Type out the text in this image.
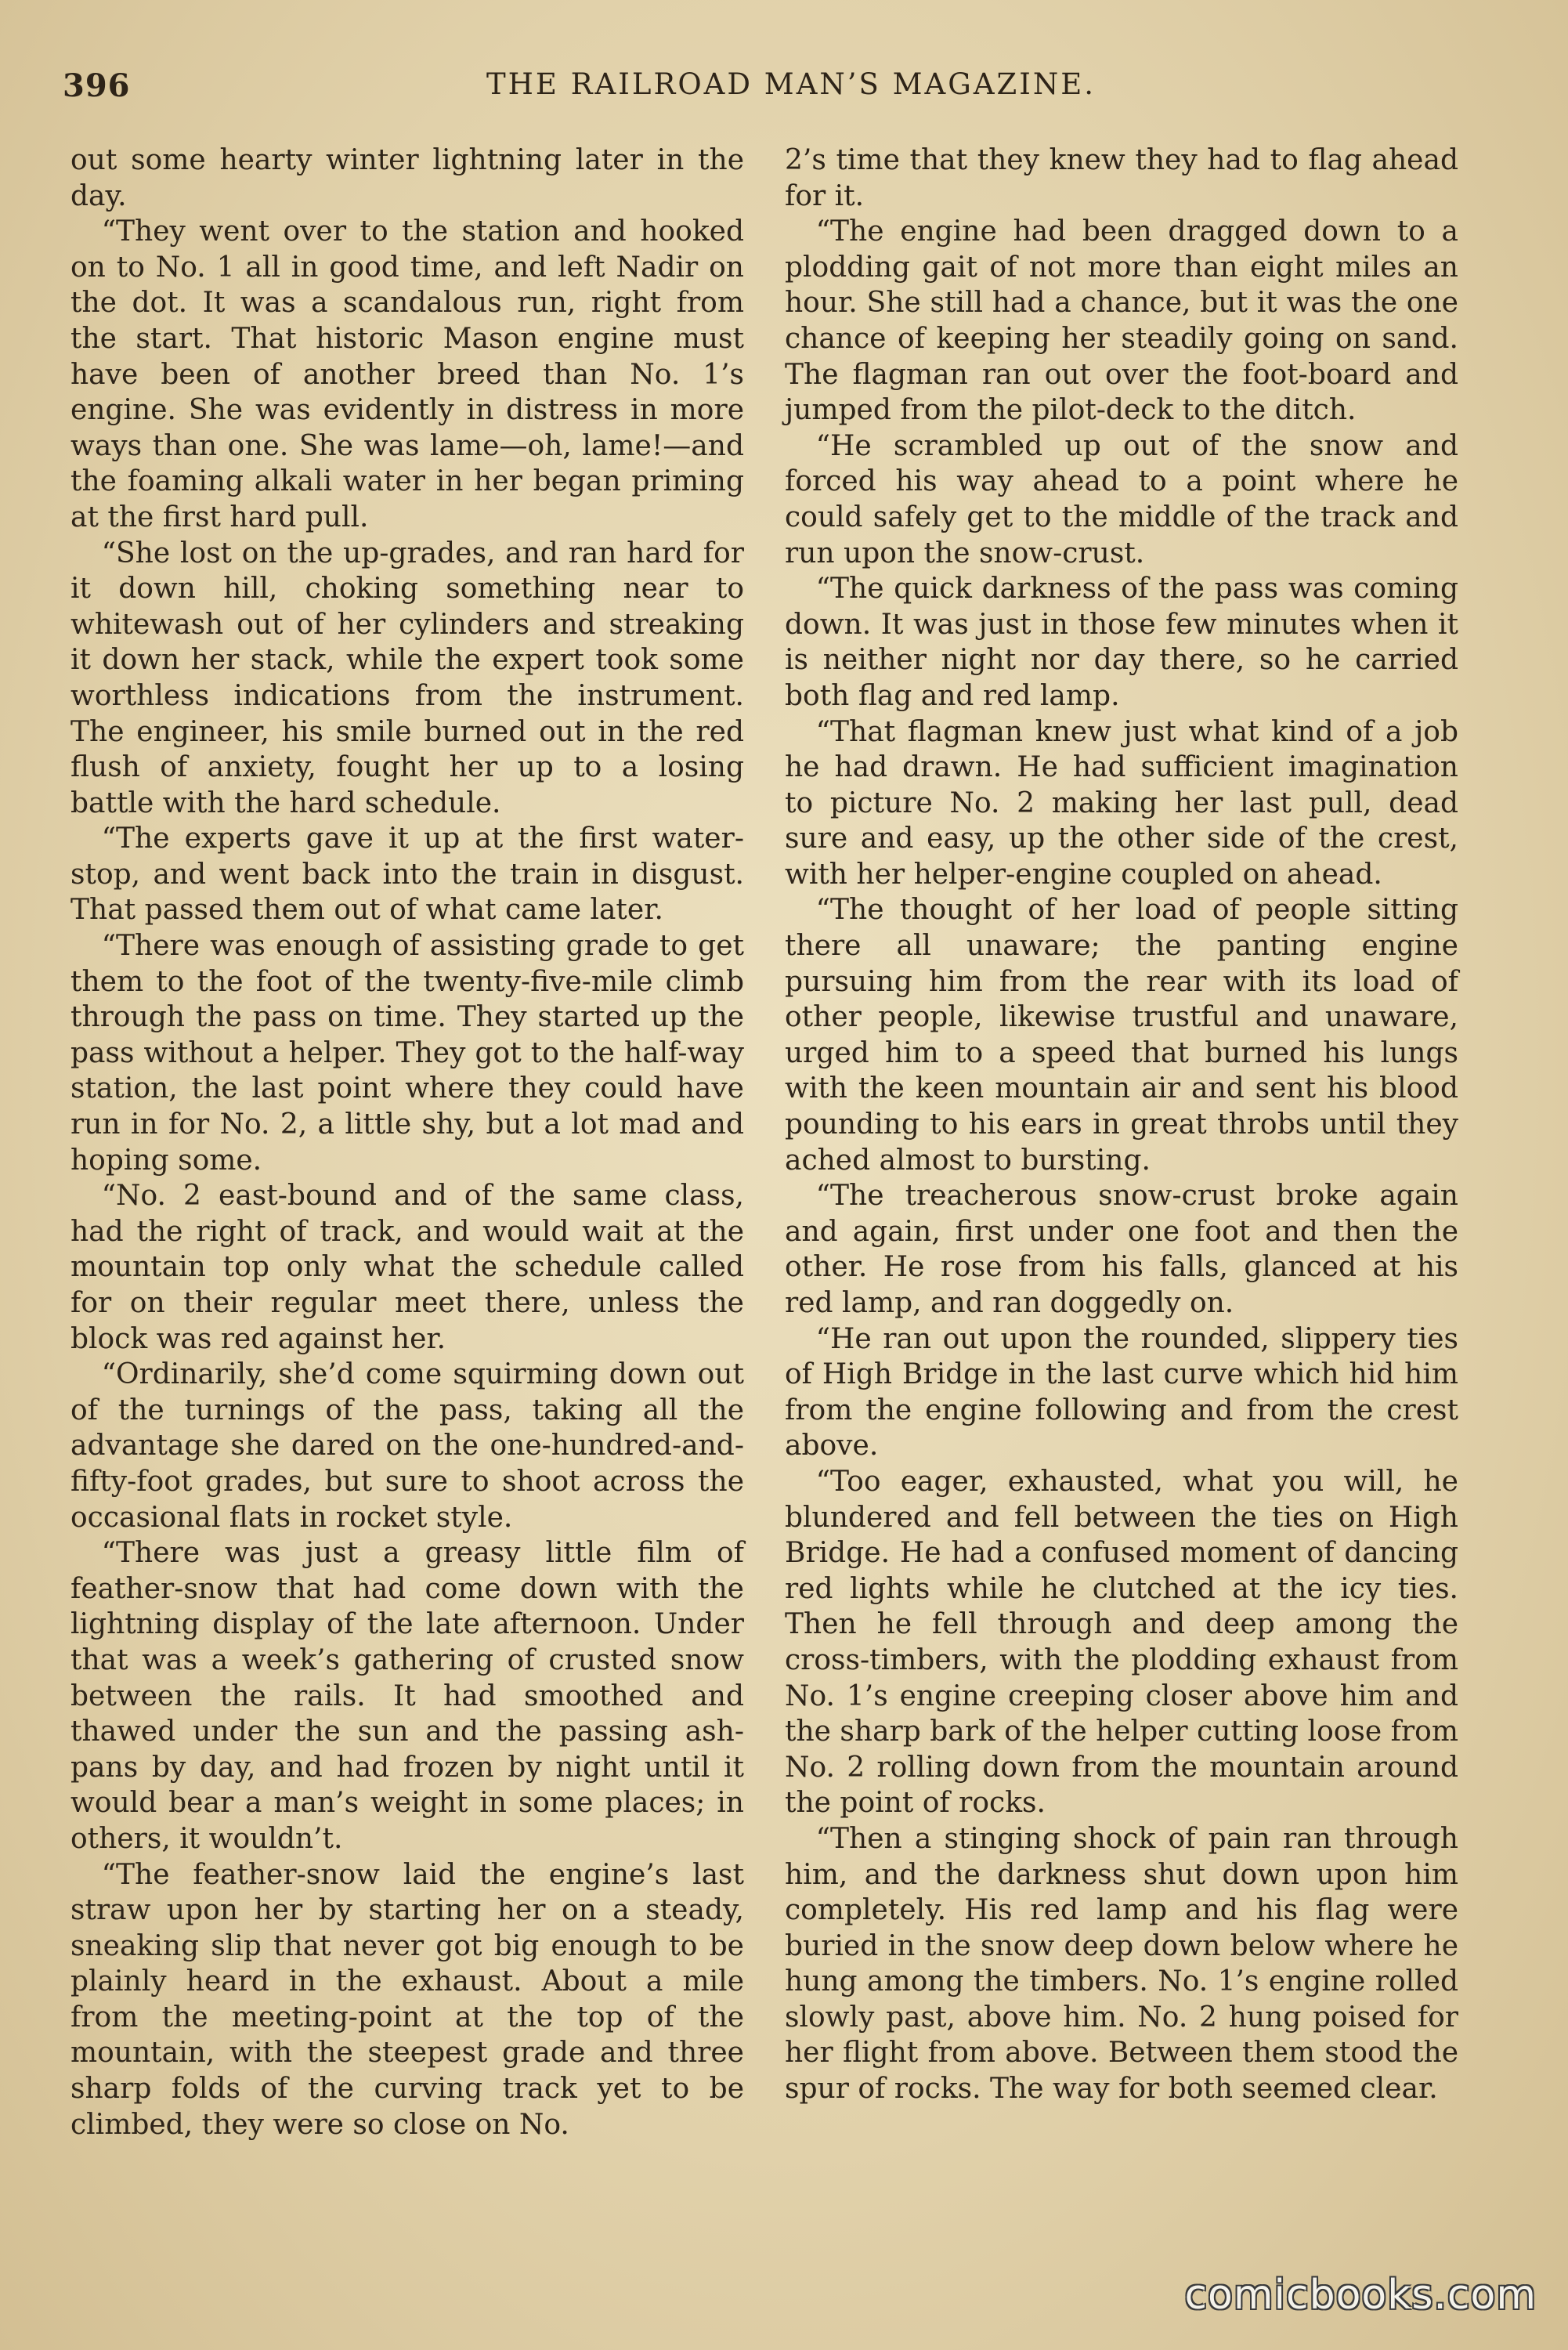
396	THE RAILROAD MAN’S MAGAZINE.

out some hearty winter lightning later in the day.

“They went over to the station and hooked on to No. 1 all in good time, and left Nadir on the dot. It was a scandalous run, right from the start. That historic Mason engine must have been of another breed than No. 1’s engine. She was evidently in distress in more ways than one. She was lame—oh, lame!—and the foaming alkali water in her began priming at the first hard pull.

“She lost on the up-grades, and ran hard for it down hill, choking something near to whitewash out of her cylinders and streaking it down her stack, while the expert took some worthless indications from the instrument. The engineer, his smile burned out in the red flush of anxiety, fought her up to a losing battle with the hard schedule.

“The experts gave it up at the first water-stop, and went back into the train in disgust. That passed them out of what came later.

“There was enough of assisting grade to get them to the foot of the twenty-five-mile climb through the pass on time. They started up the pass without a helper. They got to the half-way station, the last point where they could have run in for No. 2, a little shy, but a lot mad and hoping some.

“No. 2 east-bound and of the same class, had the right of track, and would wait at the mountain top only what the schedule called for on their regular meet there, unless the block was red against her.

“Ordinarily, she’d come squirming down out of the turnings of the pass, taking all the advantage she dared on the one-hundred-and-fifty-foot grades, but sure to shoot across the occasional flats in rocket style.

“There was just a greasy little film of feather-snow that had come down with the lightning display of the late afternoon. Under that was a week’s gathering of crusted snow between the rails. It had smoothed and thawed under the sun and the passing ash-pans by day, and had frozen by night until it would bear a man’s weight in some places; in others, it wouldn’t.

“The feather-snow laid the engine’s last straw upon her by starting her on a steady, sneaking slip that never got big enough to be plainly heard in the exhaust. About a mile from the meeting-point at the top of the mountain, with the steepest grade and three sharp folds of the curving track yet to be climbed, they were so close on No.

2’s time that they knew they had to flag ahead for it.

“The engine had been dragged down to a plodding gait of not more than eight miles an hour. She still had a chance, but it was the one chance of keeping her steadily going on sand. The flagman ran out over the foot-board and jumped from the pilot-deck to the ditch.

“He scrambled up out of the snow and forced his way ahead to a point where he could safely get to the middle of the track and run upon the snow-crust.

“The quick darkness of the pass was coming down. It was just in those few minutes when it is neither night nor day there, so he carried both flag and red lamp.

“That flagman knew just what kind of a job he had drawn. He had sufficient imagination to picture No. 2 making her last pull, dead sure and easy, up the other side of the crest, with her helper-engine coupled on ahead.

“The thought of her load of people sitting there all unaware; the panting engine pursuing him from the rear with its load of other people, likewise trustful and unaware, urged him to a speed that burned his lungs with the keen mountain air and sent his blood pounding to his ears in great throbs until they ached almost to bursting.

“The treacherous snow-crust broke again and again, first under one foot and then the other. He rose from his falls, glanced at his red lamp, and ran doggedly on.

“He ran out upon the rounded, slippery ties of High Bridge in the last curve which hid him from the engine following and from the crest above.

“Too eager, exhausted, what you will, he blundered and fell between the ties on High Bridge. He had a confused moment of dancing red lights while he clutched at the icy ties. Then he fell through and deep among the cross-timbers, with the plodding exhaust from No. 1’s engine creeping closer above him and the sharp bark of the helper cutting loose from No. 2 rolling down from the mountain around the point of rocks.

“Then a stinging shock of pain ran through him, and the darkness shut down upon him completely. His red lamp and his flag were buried in the snow deep down below where he hung among the timbers. No. 1’s engine rolled slowly past, above him. No. 2 hung poised for her flight from above. Between them stood the spur of rocks. The way for both seemed clear.

comicbooks.com
